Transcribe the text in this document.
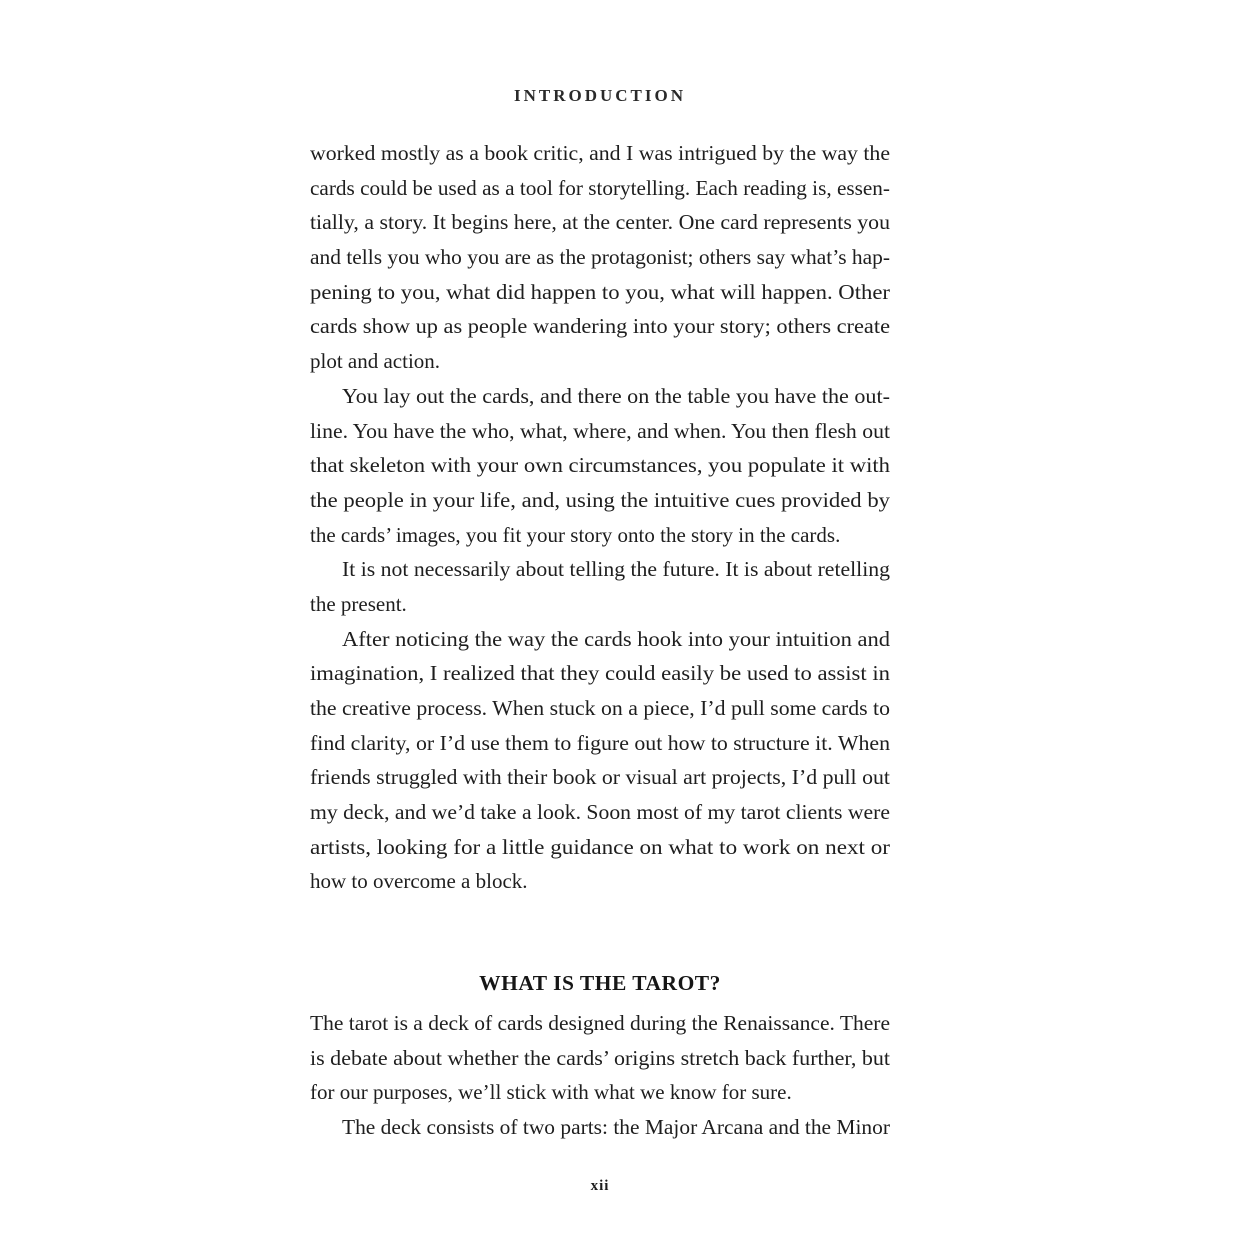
INTRODUCTION
worked mostly as a book critic, and I was intrigued by the way the
cards could be used as a tool for storytelling. Each reading is, essen-
tially, a story. It begins here, at the center. One card represents you
and tells you who you are as the protagonist; others say what’s hap-
pening to you, what did happen to you, what will happen. Other
cards show up as people wandering into your story; others create
plot and action.
You lay out the cards, and there on the table you have the out-
line. You have the who, what, where, and when. You then flesh out
that skeleton with your own circumstances, you populate it with
the people in your life, and, using the intuitive cues provided by
the cards’ images, you fit your story onto the story in the cards.
It is not necessarily about telling the future. It is about retelling
the present.
After noticing the way the cards hook into your intuition and
imagination, I realized that they could easily be used to assist in
the creative process. When stuck on a piece, I’d pull some cards to
find clarity, or I’d use them to figure out how to structure it. When
friends struggled with their book or visual art projects, I’d pull out
my deck, and we’d take a look. Soon most of my tarot clients were
artists, looking for a little guidance on what to work on next or
how to overcome a block.
WHAT IS THE TAROT?
The tarot is a deck of cards designed during the Renaissance. There
is debate about whether the cards’ origins stretch back further, but
for our purposes, we’ll stick with what we know for sure.
The deck consists of two parts: the Major Arcana and the Minor
xii
